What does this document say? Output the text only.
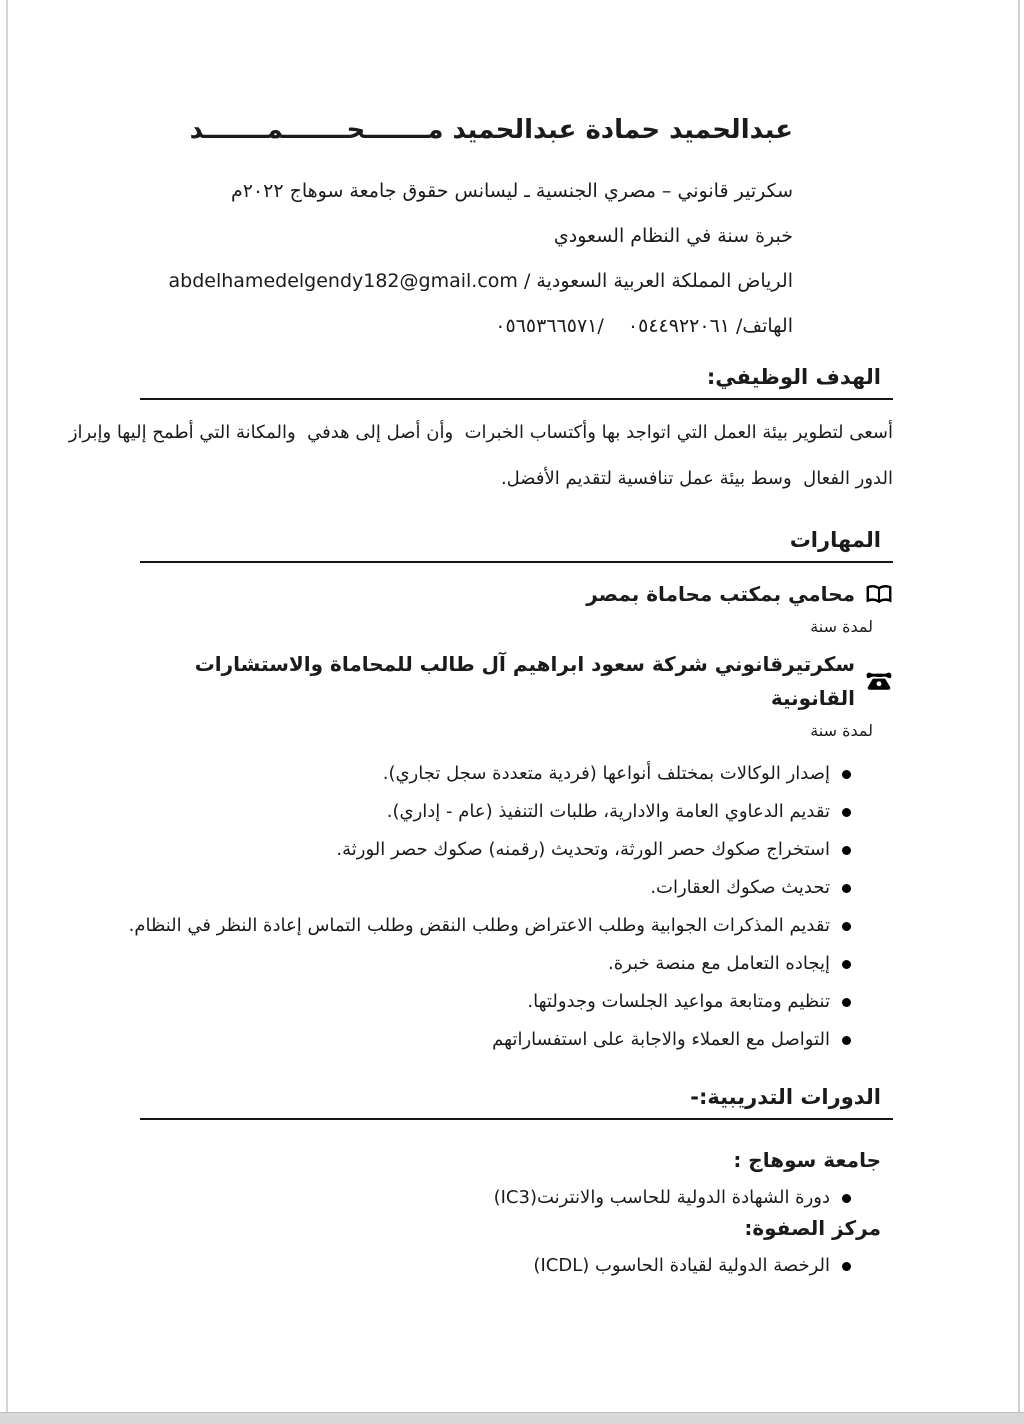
عبدالحميد حمادة عبدالحميد مـــــــحـــــــمـــــــد

سكرتير قانوني – مصري الجنسية ـ ليسانس حقوق جامعة سوهاج ٢٠٢٢م

خبرة سنة في النظام السعودي

الرياض المملكة العربية السعودية / abdelhamedelgendy182@gmail.com

الهاتف/ ٠٥٤٤٩٢٢٠٦١    /٠٥٦٥٣٦٦٥٧١

الهدف الوظيفي:

أسعى لتطوير بيئة العمل التي اتواجد بها وأكتساب الخبرات  وأن أصل إلى هدفي  والمكانة التي أطمح إليها وإبراز

الدور الفعال  وسط بيئة عمل تنافسية لتقديم الأفضل.

المهارات
محامي بمكتب محاماة بمصر

لمدة سنة

سكرتيرقانوني شركة سعود ابراهيم آل طالب للمحاماة والاستشارات القانونية

لمدة سنة

إصدار الوكالات بمختلف أنواعها (فردية متعددة سجل تجاري).
تقديم الدعاوي العامة والادارية، طلبات التنفيذ (عام - إداري).
استخراج صكوك حصر الورثة، وتحديث (رقمنه) صكوك حصر الورثة.
تحديث صكوك العقارات.
تقديم المذكرات الجوابية وطلب الاعتراض وطلب النقض وطلب التماس إعادة النظر في النظام.
إيجاده التعامل مع منصة خبرة.
تنظيم ومتابعة مواعيد الجلسات وجدولتها.
التواصل مع العملاء والاجابة على استفساراتهم
الدورات التدريبية:-
جامعة سوهاج :
دورة الشهادة الدولية للحاسب والانترنت(IC3)
مركز الصفوة:
الرخصة الدولية لقيادة الحاسوب (ICDL)
